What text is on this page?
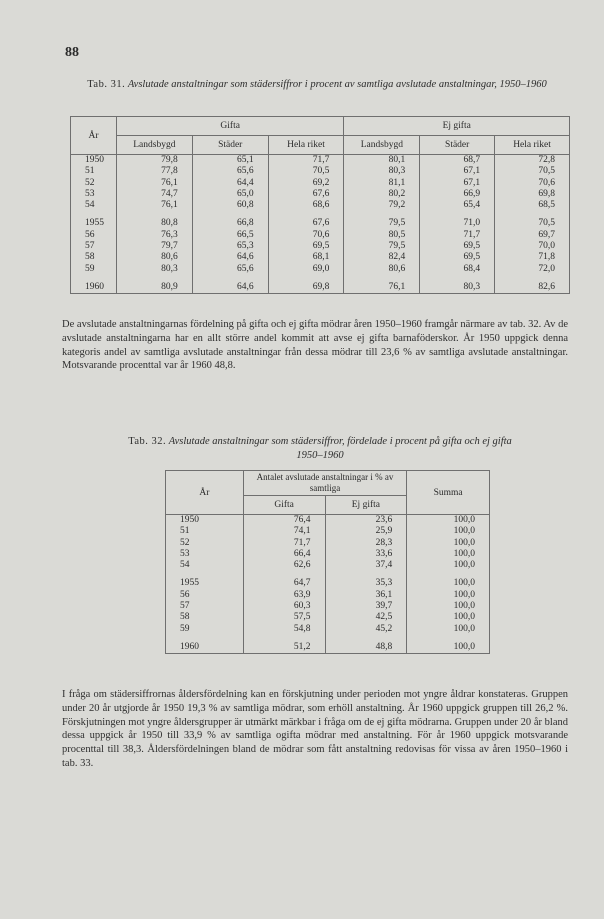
88
Tab. 31. Avslutade anstaltningar som städersiffror i procent av samtliga avslutade anstaltningar, 1950–1960
År	Gifta			Ej gifta		
	Landsbygd	Städer	Hela riket	Landsbygd	Städer	Hela riket
1950	79,8	65,1	71,7	80,1	68,7	72,8
51	77,8	65,6	70,5	80,3	67,1	70,5
52	76,1	64,4	69,2	81,1	67,1	70,6
53	74,7	65,0	67,6	80,2	66,9	69,8
54	76,1	60,8	68,6	79,2	65,4	68,5

1955	80,8	66,8	67,6	79,5	71,0	70,5
56	76,3	66,5	70,6	80,5	71,7	69,7
57	79,7	65,3	69,5	79,5	69,5	70,0
58	80,6	64,6	68,1	82,4	69,5	71,8
59	80,3	65,6	69,0	80,6	68,4	72,0

1960	80,9	64,6	69,8	76,1	80,3	82,6
De avslutade anstaltningarnas fördelning på gifta och ej gifta mödrar åren 1950–1960 framgår närmare av tab. 32. Av de avslutade anstaltningarna har en allt större andel kommit att avse ej gifta barnaföderskor. År 1950 uppgick denna kategoris andel av samtliga avslutade anstaltningar från dessa mödrar till 23,6 % av samtliga avslutade anstaltningar. Motsvarande procenttal var år 1960 48,8.
Tab. 32. Avslutade anstaltningar som städersiffror, fördelade i procent på gifta och ej gifta 1950–1960
År	Antalet avslutade anstaltningar i % av samtliga		Summa
	Gifta	Ej gifta	
1950	76,4	23,6	100,0
51	74,1	25,9	100,0
52	71,7	28,3	100,0
53	66,4	33,6	100,0
54	62,6	37,4	100,0

1955	64,7	35,3	100,0
56	63,9	36,1	100,0
57	60,3	39,7	100,0
58	57,5	42,5	100,0
59	54,8	45,2	100,0

1960	51,2	48,8	100,0
I fråga om städersiffrornas åldersfördelning kan en förskjutning under perioden mot yngre åldrar konstateras. Gruppen under 20 år utgjorde år 1950 19,3 % av samtliga mödrar, som erhöll anstaltning. År 1960 uppgick gruppen till 26,2 %. Förskjutningen mot yngre åldersgrupper är utmärkt märkbar i fråga om de ej gifta mödrarna. Gruppen under 20 år bland dessa uppgick år 1950 till 33,9 % av samtliga ogifta mödrar med anstaltning. För år 1960 uppgick motsvarande procenttal till 38,3. Åldersfördelningen bland de mödrar som fått anstaltning redovisas för vissa av åren 1950–1960 i tab. 33.
